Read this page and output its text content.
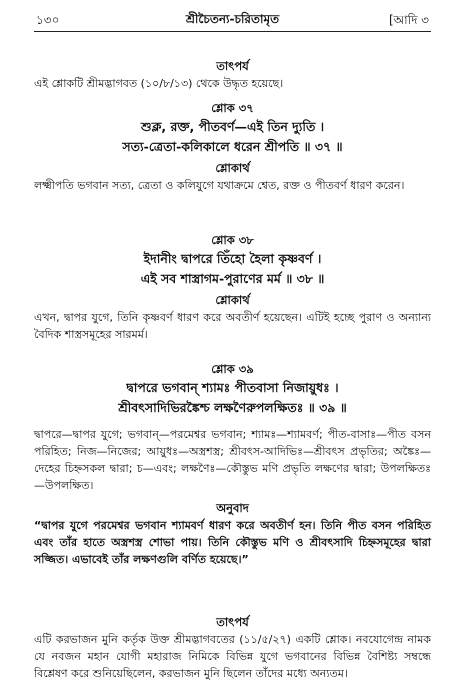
১৩০	শ্রীচৈতন্য-চরিতামৃত	[আদি ৩

তাৎপর্য

এই শ্লোকটি শ্রীমদ্ভাগবত (১০/৮/১৩) থেকে উদ্ধৃত হয়েছে।

শ্লোক ৩৭

শুক্ল, রক্ত, পীতবর্ণ—এই তিন দ্যুতি ।

সত্য-ত্রেতা-কলিকালে ধরেন শ্রীপতি ॥ ৩৭ ॥

শ্লোকার্থ

লক্ষ্মীপতি ভগবান সত্য, ত্রেতা ও কলিযুগে যথাক্রমে শ্বেত, রক্ত ও পীতবর্ণ ধারণ করেন।

শ্লোক ৩৮

ইদানীং দ্বাপরে তিঁহো হৈলা কৃষ্ণবর্ণ ।

এই সব শাস্ত্রাগম-পুরাণের মর্ম ॥ ৩৮ ॥

শ্লোকার্থ

এখন, দ্বাপর যুগে, তিনি কৃষ্ণবর্ণ ধারণ করে অবতীর্ণ হয়েছেন। এটিই হচ্ছে পুরাণ ও অন্যান্য বৈদিক শাস্ত্রসমূহের সারমর্ম।

শ্লোক ৩৯

দ্বাপরে ভগবান্ শ্যামঃ পীতবাসা নিজায়ুধঃ ।

শ্রীবৎসাদিভিরঙ্কৈশ্চ লক্ষণৈরুপলক্ষিতঃ ॥ ৩৯ ॥

দ্বাপরে—দ্বাপর যুগে; ভগবান্—পরমেশ্বর ভগবান; শ্যামঃ—শ্যামবর্ণ; পীত-বাসাঃ—পীত বসন পরিহিত; নিজ—নিজের; আয়ুধঃ—অস্ত্রশস্ত্র; শ্রীবৎস-আদিভিঃ—শ্রীবৎস প্রভৃতির; অঙ্কৈঃ—দেহের চিহ্নসকল দ্বারা; চ—এবং; লক্ষণৈঃ—কৌস্তুভ মণি প্রভৃতি লক্ষণের দ্বারা; উপলক্ষিতঃ—উপলক্ষিত।

অনুবাদ

“দ্বাপর যুগে পরমেশ্বর ভগবান শ্যামবর্ণ ধারণ করে অবতীর্ণ হন। তিনি পীত বসন পরিহিত এবং তাঁর হাতে অস্ত্রশস্ত্র শোভা পায়। তিনি কৌস্তুভ মণি ও শ্রীবৎসাদি চিহ্নসমূহের দ্বারা সজ্জিত। এভাবেই তাঁর লক্ষণগুলি বর্ণিত হয়েছে।”

তাৎপর্য

এটি করভাজন মুনি কর্তৃক উক্ত শ্রীমদ্ভাগবতের (১১/৫/২৭) একটি শ্লোক। নবযোগেন্দ্র নামক যে নবজন মহান যোগী মহারাজ নিমিকে বিভিন্ন যুগে ভগবানের বিভিন্ন বৈশিষ্ট্য সম্বন্ধে বিশ্লেষণ করে শুনিয়েছিলেন, করভাজন মুনি ছিলেন তাঁদের মধ্যে অন্যতম।
